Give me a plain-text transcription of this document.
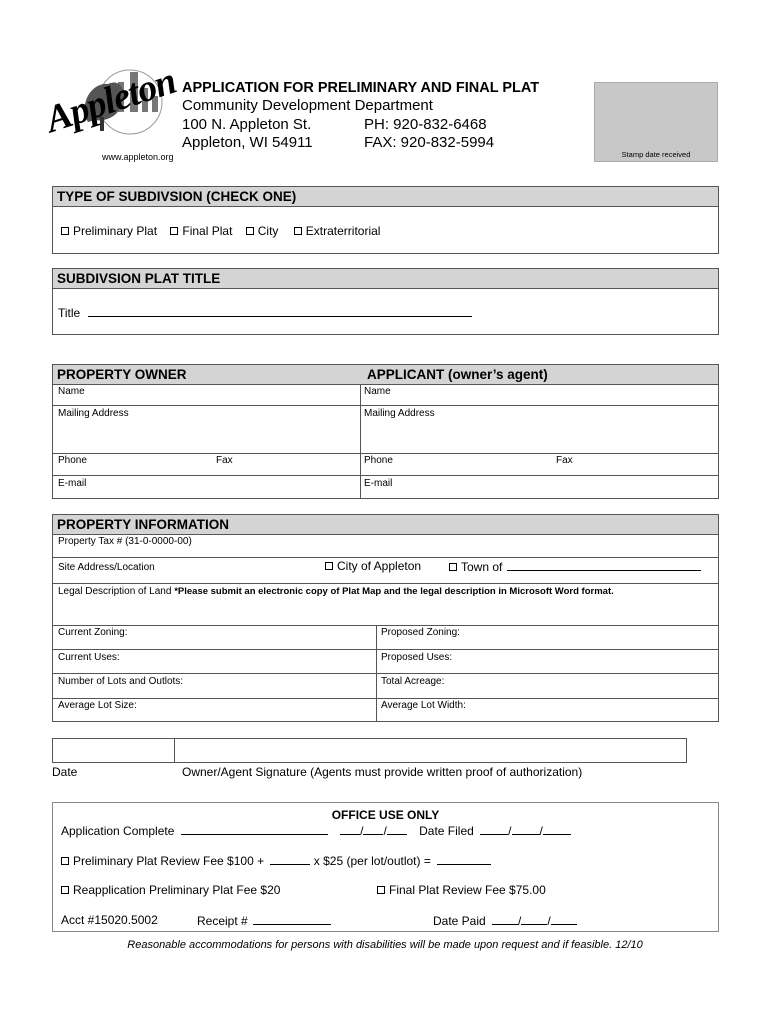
Appleton
www.appleton.org
APPLICATION FOR PRELIMINARY AND FINAL PLAT
Community Development Department
100 N. Appleton St.	PH: 920-832-6468
Appleton, WI 54911	FAX: 920-832-5994
Stamp date received
TYPE OF SUBDIVSION (CHECK ONE)
Preliminary Plat Final Plat City Extraterritorial
SUBDIVSION PLAT TITLE
Title
PROPERTY OWNER	APPLICANT (owner’s agent)
Name	Name
Mailing Address	Mailing Address
Phone	Fax	Phone	Fax
E-mail	E-mail
PROPERTY INFORMATION
Property Tax # (31-0-0000-00)
Site Address/Location	City of Appleton	Town of
Legal Description of Land *Please submit an electronic copy of Plat Map and the legal description in Microsoft Word format.
Current Zoning:	Proposed Zoning:
Current Uses:	Proposed Uses:
Number of Lots and Outlots:	Total Acreage:
Average Lot Size:	Average Lot Width:
Date	Owner/Agent Signature (Agents must provide written proof of authorization)
OFFICE USE ONLY
Application Complete	/ /	Date Filed	/ /
Preliminary Plat Review Fee $100 +	x $25 (per lot/outlot) =
Reapplication Preliminary Plat Fee $20	Final Plat Review Fee $75.00
Acct #15020.5002	Receipt #	Date Paid	/ /
Reasonable accommodations for persons with disabilities will be made upon request and if feasible. 12/10
